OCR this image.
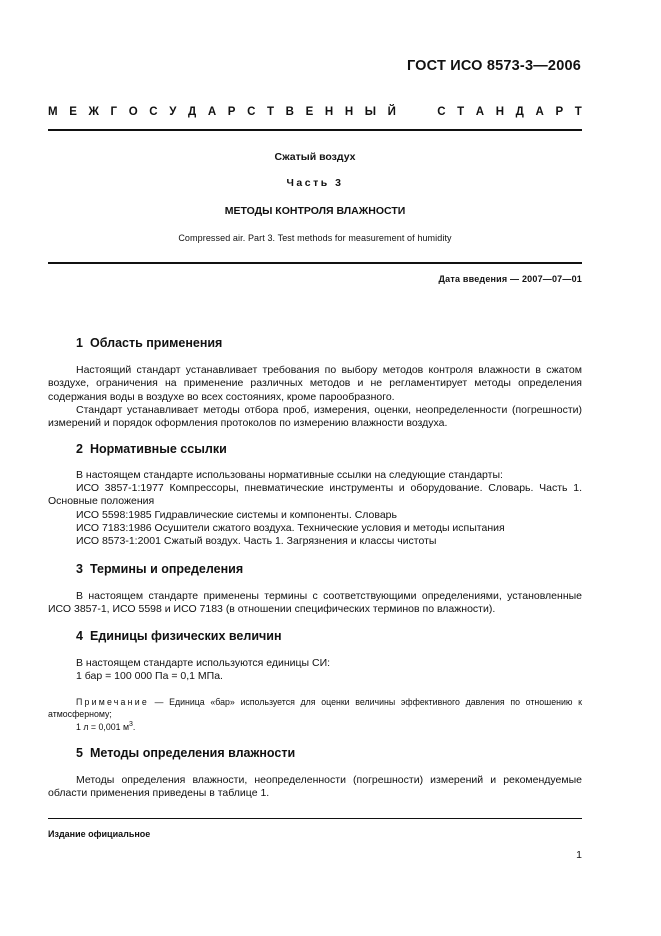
ГОСТ ИСО 8573-3—2006
М Е Ж Г О С У Д А Р С Т В Е Н Н Ы Й

	С Т А Н Д А Р Т
Сжатый воздух
Часть 3
МЕТОДЫ КОНТРОЛЯ ВЛАЖНОСТИ
Compressed air. Part 3. Test methods for measurement of humidity
Дата введения — 2007—07—01
1 Область применения
Настоящий стандарт устанавливает требования по выбору методов контроля влажности в сжатом воздухе, ограничения на применение различных методов и не регламентирует методы определения содержания воды в воздухе во всех состояниях, кроме парообразного.
Стандарт устанавливает методы отбора проб, измерения, оценки, неопределенности (погрешности) измерений и порядок оформления протоколов по измерению влажности воздуха.
2 Нормативные ссылки
В настоящем стандарте использованы нормативные ссылки на следующие стандарты:
ИСО 3857-1:1977 Компрессоры, пневматические инструменты и оборудование. Словарь. Часть 1. Основные положения
ИСО 5598:1985 Гидравлические системы и компоненты. Словарь
ИСО 7183:1986 Осушители сжатого воздуха. Технические условия и методы испытания
ИСО 8573-1:2001 Сжатый воздух. Часть 1. Загрязнения и классы чистоты
3 Термины и определения
В настоящем стандарте применены термины с соответствующими определениями, установленные ИСО 3857-1, ИСО 5598 и ИСО 7183 (в отношении специфических терминов по влажности).
4 Единицы физических величин
В настоящем стандарте используются единицы СИ:
1 бар = 100 000 Па = 0,1 МПа.
Примечание — Единица «бар» используется для оценки величины эффективного давления по отношению к атмосферному;
1 л = 0,001 $м^3$.
5 Методы определения влажности
Методы определения влажности, неопределенности (погрешности) измерений и рекомендуемые области применения приведены в таблице 1.
Издание официальное
1
